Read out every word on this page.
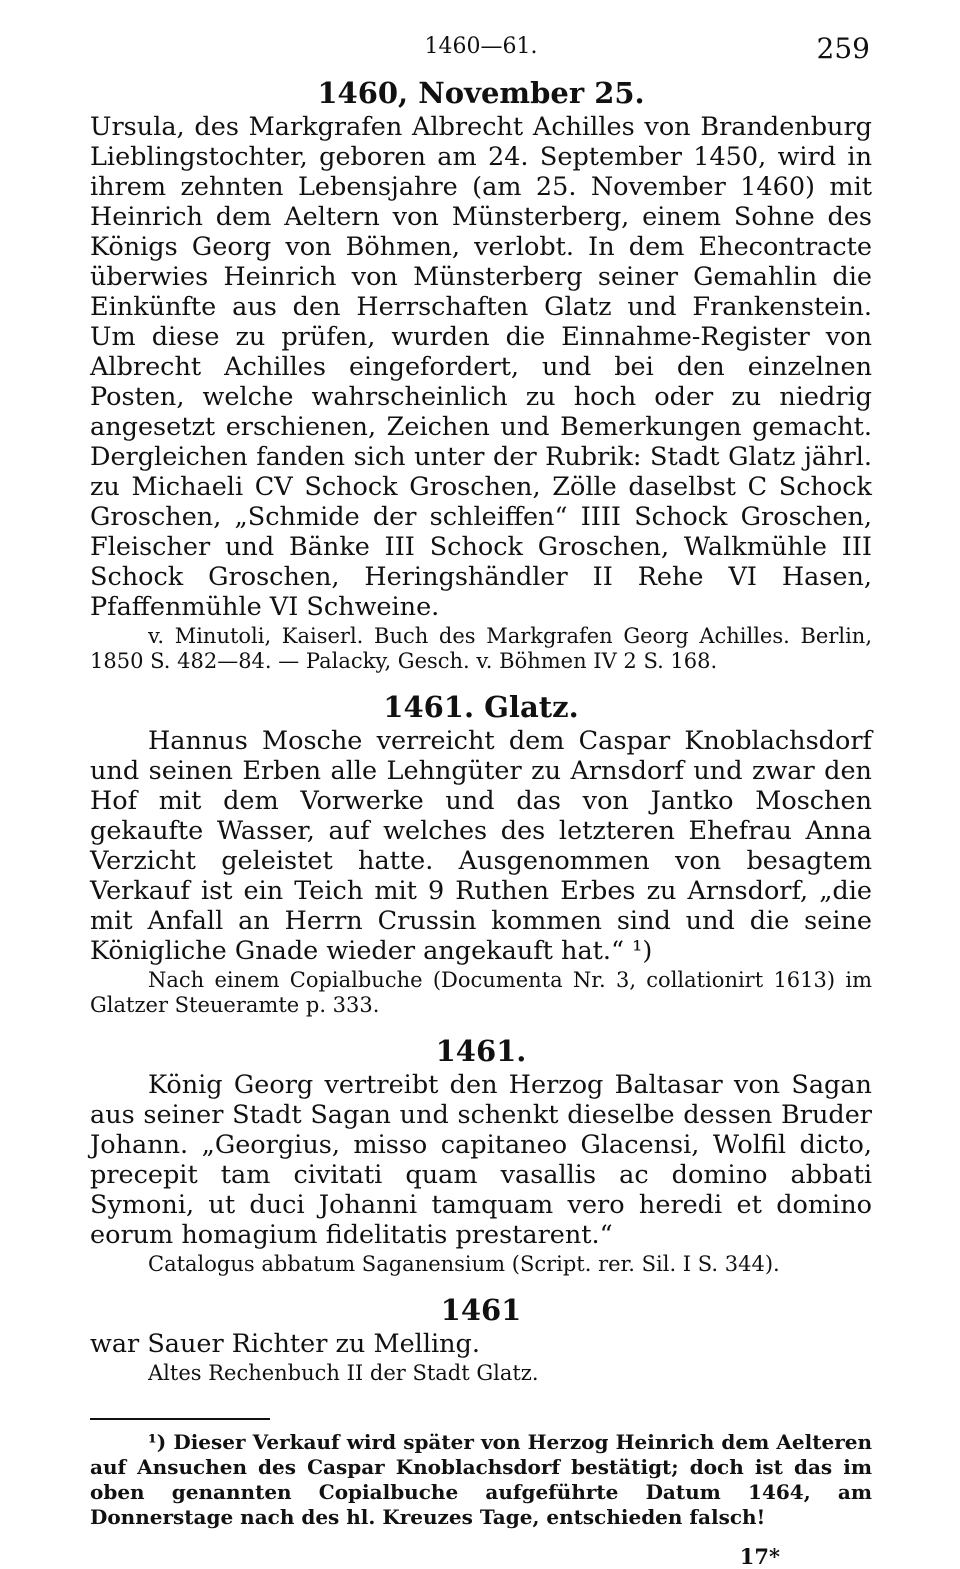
1460—61.	259
1460, November 25.

Ursula, des Markgrafen Albrecht Achilles von Brandenburg Lieblingstochter, geboren am 24. September 1450, wird in ihrem zehnten Lebensjahre (am 25. November 1460) mit Heinrich dem Aeltern von Münsterberg, einem Sohne des Königs Georg von Böhmen, verlobt. In dem Ehecontracte überwies Heinrich von Münsterberg seiner Gemahlin die Einkünfte aus den Herrschaften Glatz und Frankenstein. Um diese zu prüfen, wurden die Einnahme-Register von Albrecht Achilles eingefordert, und bei den einzelnen Posten, welche wahrscheinlich zu hoch oder zu niedrig angesetzt erschienen, Zeichen und Bemerkungen gemacht. Dergleichen fanden sich unter der Rubrik: Stadt Glatz jährl. zu Michaeli CV Schock Groschen, Zölle daselbst C Schock Groschen, „Schmide der schleiffen“ IIII Schock Groschen, Fleischer und Bänke III Schock Groschen, Walkmühle III Schock Groschen, Heringshändler II Rehe VI Hasen, Pfaffenmühle VI Schweine.

v. Minutoli, Kaiserl. Buch des Markgrafen Georg Achilles. Berlin, 1850 S. 482—84. — Palacky, Gesch. v. Böhmen IV 2 S. 168.

1461. Glatz.

Hannus Mosche verreicht dem Caspar Knoblachsdorf und seinen Erben alle Lehngüter zu Arnsdorf und zwar den Hof mit dem Vorwerke und das von Jantko Moschen gekaufte Wasser, auf welches des letzteren Ehefrau Anna Verzicht geleistet hatte. Ausgenommen von besagtem Verkauf ist ein Teich mit 9 Ruthen Erbes zu Arnsdorf, „die mit Anfall an Herrn Crussin kommen sind und die seine Königliche Gnade wieder angekauft hat.“ ¹)

Nach einem Copialbuche (Documenta Nr. 3, collationirt 1613) im Glatzer Steueramte p. 333.

1461.

König Georg vertreibt den Herzog Baltasar von Sagan aus seiner Stadt Sagan und schenkt dieselbe dessen Bruder Johann. „Georgius, misso capitaneo Glacensi, Wolfil dicto, precepit tam civitati quam vasallis ac domino abbati Symoni, ut duci Johanni tamquam vero heredi et domino eorum homagium fidelitatis prestarent.“

Catalogus abbatum Saganensium (Script. rer. Sil. I S. 344).

1461

war Sauer Richter zu Melling.

Altes Rechenbuch II der Stadt Glatz.

¹) Dieser Verkauf wird später von Herzog Heinrich dem Aelteren auf Ansuchen des Caspar Knoblachsdorf bestätigt; doch ist das im oben genannten Copialbuche aufgeführte Datum 1464, am Donnerstage nach des hl. Kreuzes Tage, entschieden falsch!

17*
